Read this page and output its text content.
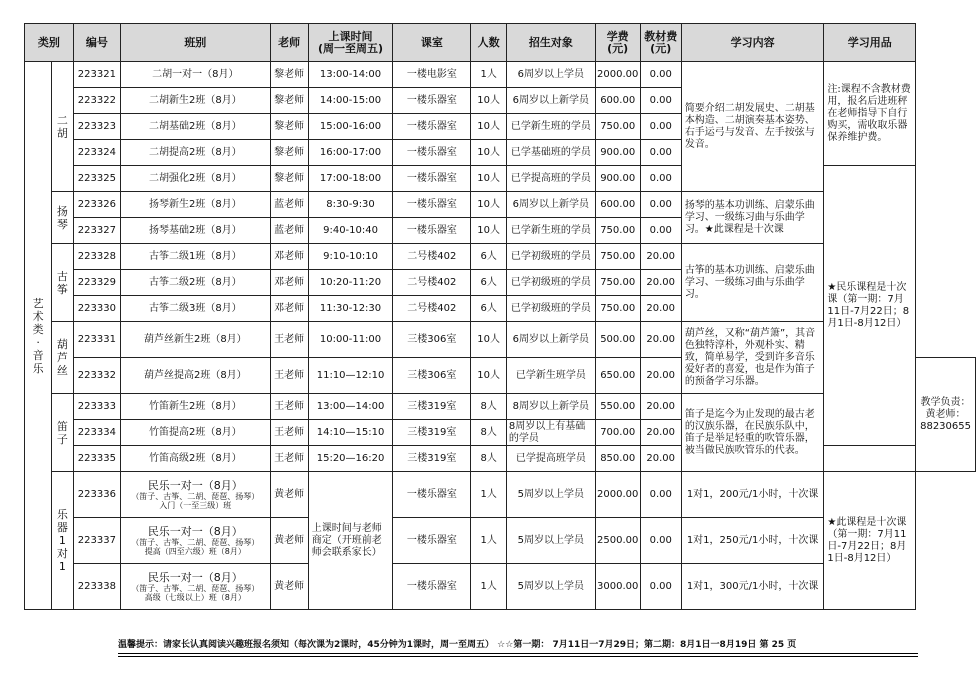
类别		编号	班别	老师	上课时间
(周一至周五)	课室	人数	招生对象	学费
(元)	教材费
(元)	学习内容	学习用品	

艺术类·音乐	二胡	223321	二胡一对一（8月）	黎老师	13:00-14:00	一楼电影室	1人	6周岁以上学员	2000.00	0.00	简要介绍二胡发展史、二胡基本构造、二胡演奏基本姿势、右手运弓与发音、左手按弦与发音。	注:课程不含教材费用，报名后进班秤在老师指导下自行购买，需收取乐器保养维护费。	
		223322	二胡新生2班（8月）	黎老师	14:00-15:00	一楼乐器室	10人	6周岁以上新学员	600.00	0.00			
		223323	二胡基础2班（8月）	黎老师	15:00-16:00	一楼乐器室	10人	已学新生班的学员	750.00	0.00			
		223324	二胡提高2班（8月）	黎老师	16:00-17:00	一楼乐器室	10人	已学基础班的学员	900.00	0.00			
		223325	二胡强化2班（8月）	黎老师	17:00-18:00	一楼乐器室	10人	已学提高班的学员	900.00	0.00		★民乐课程是十次课（第一期：7月11日-7月22日；8月1日-8月12日）	

	扬琴	223326	扬琴新生2班（8月）	蓝老师	8:30-9:30	一楼乐器室	10人	6周岁以上新学员	600.00	0.00	扬琴的基本功训练、启蒙乐曲学习、一级练习曲与乐曲学习。★此课程是十次课		
		223327	扬琴基础2班（8月）	蓝老师	9:40-10:40	一楼乐器室	10人	已学新生班的学员	750.00	0.00			

	古筝	223328	古筝二级1班（8月）	邓老师	9:10-10:10	二号楼402	6人	已学初级班的学员	750.00	20.00	古筝的基本功训练、启蒙乐曲学习、一级练习曲与乐曲学习。		
		223329	古筝二级2班（8月）	邓老师	10:20-11:20	二号楼402	6人	已学初级班的学员	750.00	20.00			
		223330	古筝二级3班（8月）	邓老师	11:30-12:30	二号楼402	6人	已学初级班的学员	750.00	20.00			

	葫芦丝	223331	葫芦丝新生2班（8月）	王老师	10:00-11:00	三楼306室	10人	6周岁以上新学员	500.00	20.00	葫芦丝，又称“葫芦箫”，其音色独特淳朴，外观朴实、精致，简单易学，受到许多音乐爱好者的喜爱，也是作为笛子的预备学习乐器。		
		223332	葫芦丝提高2班（8月）	王老师	11:10—12:10	三楼306室	10人	已学新生班学员	650.00	20.00			教学负责：黄老师：88230655

	笛子	223333	竹笛新生2班（8月）	王老师	13:00—14:00	三楼319室	8人	8周岁以上新学员	550.00	20.00	笛子是迄今为止发现的最古老的汉族乐器，在民族乐队中，笛子是举足轻重的吹管乐器，被当做民族吹管乐的代表。		
		223334	竹笛提高2班（8月）	王老师	14:10—15:10	三楼319室	8人	8周岁以上有基础的学员	700.00	20.00			
		223335	竹笛高级2班（8月）	王老师	15:20—16:20	三楼319室	8人	已学提高班学员	850.00	20.00			

	乐器1对1	223336	民乐一对一（8月）
（笛子、古筝、二胡、琵琶、扬琴）
入门（一至三级）班	黄老师	上课时间与老师商定（开班前老师会联系家长）	一楼乐器室	1人	5周岁以上学员	2000.00	0.00	1对1，200元/1小时，十次课	★此课程是十次课（第一期：7月11日-7月22日；8月1日-8月12日）	
		223337	民乐一对一（8月）
（笛子、古筝、二胡、琵琶、扬琴）
提高（四至六级）班（8月）	黄老师		一楼乐器室	1人	5周岁以上学员	2500.00	0.00	1对1，250元/1小时，十次课		
		223338	民乐一对一（8月）
（笛子、古筝、二胡、琵琶、扬琴）
高级（七级以上）班（8月）	黄老师		一楼乐器室	1人	5周岁以上学员	3000.00	0.00	1对1，300元/1小时，十次课		
温馨提示：请家长认真阅读兴趣班报名须知（每次课为2课时，45分钟为1课时，周一至周五） ☆☆第一期： 7月11日一7月29日；第二期：8月1日一8月19日 第 25 页
